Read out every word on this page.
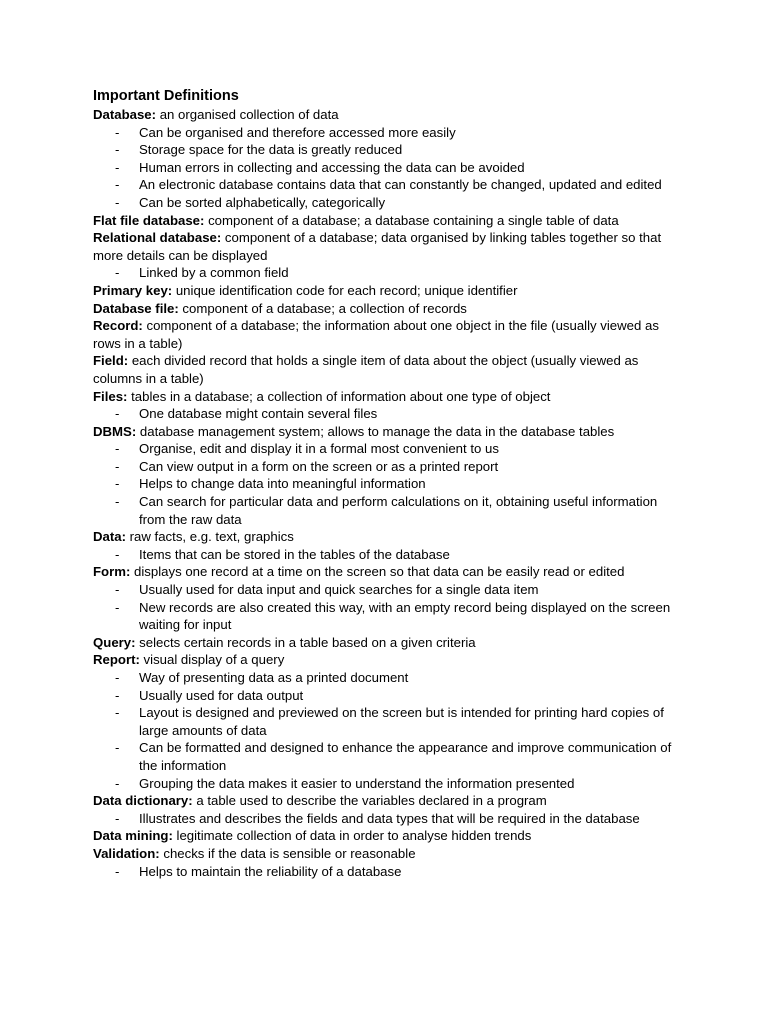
Important Definitions

Database: an organised collection of data

- Can be organised and therefore accessed more easily
- Storage space for the data is greatly reduced
- Human errors in collecting and accessing the data can be avoided
- An electronic database contains data that can constantly be changed, updated and edited
- Can be sorted alphabetically, categorically

Flat file database: component of a database; a database containing a single table of data

Relational database: component of a database; data organised by linking tables together so that more details can be displayed

- Linked by a common field

Primary key: unique identification code for each record; unique identifier

Database file: component of a database; a collection of records

Record: component of a database; the information about one object in the file (usually viewed as rows in a table)

Field: each divided record that holds a single item of data about the object (usually viewed as columns in a table)

Files: tables in a database; a collection of information about one type of object

- One database might contain several files

DBMS: database management system; allows to manage the data in the database tables

- Organise, edit and display it in a formal most convenient to us
- Can view output in a form on the screen or as a printed report
- Helps to change data into meaningful information
- Can search for particular data and perform calculations on it, obtaining useful information from the raw data

Data: raw facts, e.g. text, graphics

- Items that can be stored in the tables of the database

Form: displays one record at a time on the screen so that data can be easily read or edited

- Usually used for data input and quick searches for a single data item
- New records are also created this way, with an empty record being displayed on the screen waiting for input

Query: selects certain records in a table based on a given criteria

Report: visual display of a query

- Way of presenting data as a printed document
- Usually used for data output
- Layout is designed and previewed on the screen but is intended for printing hard copies of large amounts of data
- Can be formatted and designed to enhance the appearance and improve communication of the information
- Grouping the data makes it easier to understand the information presented

Data dictionary: a table used to describe the variables declared in a program

- Illustrates and describes the fields and data types that will be required in the database

Data mining: legitimate collection of data in order to analyse hidden trends

Validation: checks if the data is sensible or reasonable

- Helps to maintain the reliability of a database
